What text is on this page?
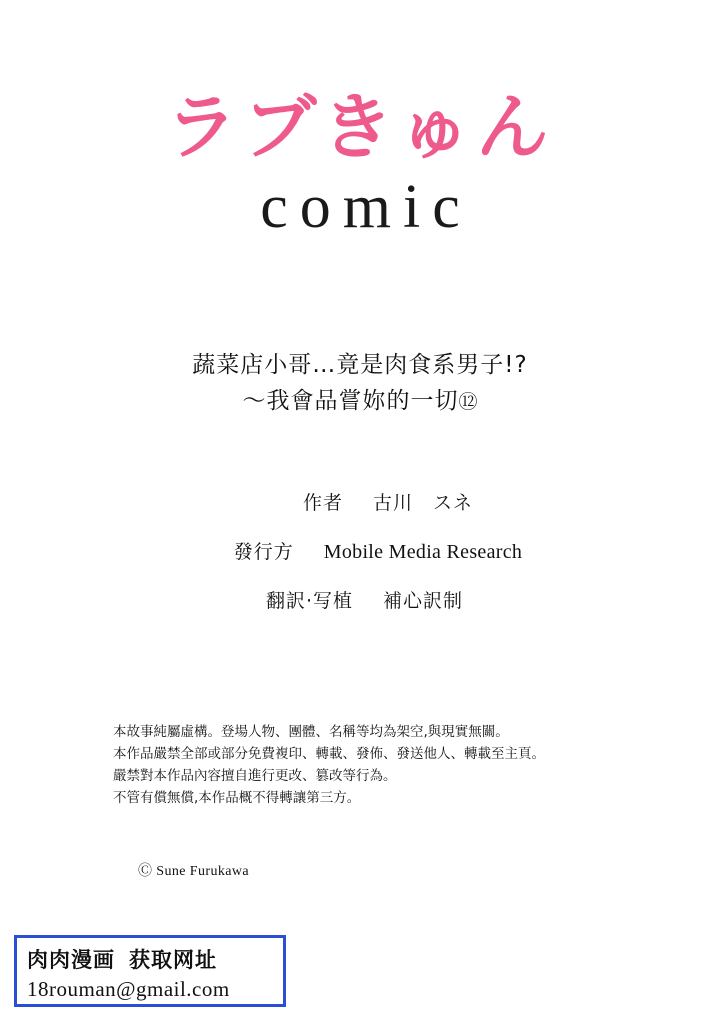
ラブきゅん
comic
蔬菜店小哥…竟是肉食系男子!?
～我會品嘗妳的一切⑫
作者 古川　スネ
發行方 Mobile Media Research
翻訳·写植 補心訳制
本故事純屬虛構。登場人物、團體、名稱等均為架空,與現實無關。
本作品嚴禁全部或部分免費複印、轉載、發佈、發送他人、轉載至主頁。
嚴禁對本作品內容擅自進行更改、篡改等行為。
不管有償無償,本作品概不得轉讓第三方。
Ⓒ Sune Furukawa
肉肉漫画 获取网址
18rouman@gmail.com
